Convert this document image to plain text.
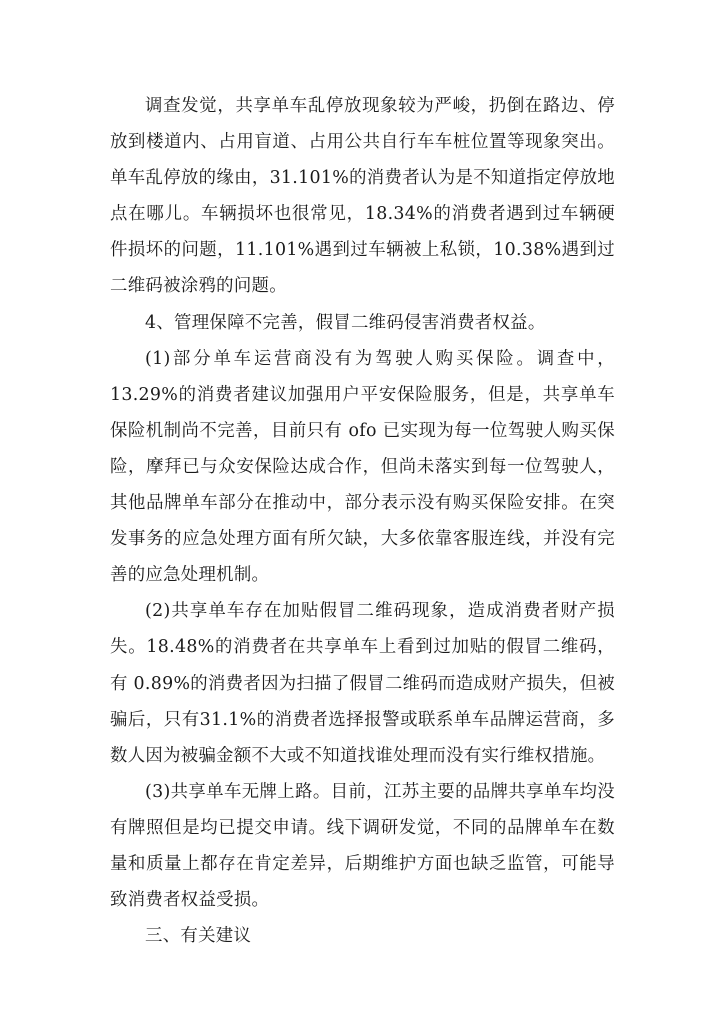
调查发觉，共享单车乱停放现象较为严峻，扔倒在路边、停放到楼道内、占用盲道、占用公共自行车车桩位置等现象突出。单车乱停放的缘由，31.101%的消费者认为是不知道指定停放地点在哪儿。车辆损坏也很常见，18.34%的消费者遇到过车辆硬件损坏的问题，11.101%遇到过车辆被上私锁，10.38%遇到过二维码被涂鸦的问题。

4、管理保障不完善，假冒二维码侵害消费者权益。

(1)部分单车运营商没有为驾驶人购买保险。调查中，13.29%的消费者建议加强用户平安保险服务，但是，共享单车保险机制尚不完善，目前只有 ofo 已实现为每一位驾驶人购买保险，摩拜已与众安保险达成合作，但尚未落实到每一位驾驶人，其他品牌单车部分在推动中，部分表示没有购买保险安排。在突发事务的应急处理方面有所欠缺，大多依靠客服连线，并没有完善的应急处理机制。

(2)共享单车存在加贴假冒二维码现象，造成消费者财产损失。18.48%的消费者在共享单车上看到过加贴的假冒二维码，有 0.89%的消费者因为扫描了假冒二维码而造成财产损失，但被骗后，只有31.1%的消费者选择报警或联系单车品牌运营商，多数人因为被骗金额不大或不知道找谁处理而没有实行维权措施。

(3)共享单车无牌上路。目前，江苏主要的品牌共享单车均没有牌照但是均已提交申请。线下调研发觉，不同的品牌单车在数量和质量上都存在肯定差异，后期维护方面也缺乏监管，可能导致消费者权益受损。

三、有关建议
